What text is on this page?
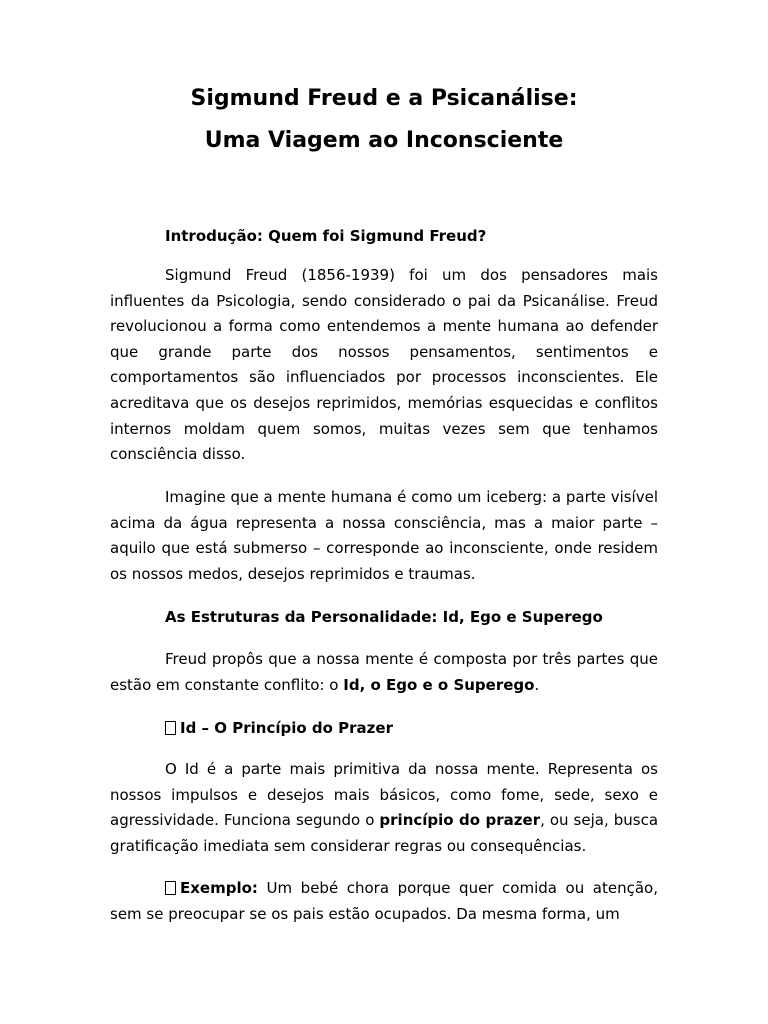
Sigmund Freud e a Psicanálise:
Uma Viagem ao Inconsciente

Introdução: Quem foi Sigmund Freud?

Sigmund Freud (1856-1939) foi um dos pensadores mais influentes da Psicologia, sendo considerado o pai da Psicanálise. Freud revolucionou a forma como entendemos a mente humana ao defender que grande parte dos nossos pensamentos, sentimentos e comportamentos são influenciados por processos inconscientes. Ele acreditava que os desejos reprimidos, memórias esquecidas e conflitos internos moldam quem somos, muitas vezes sem que tenhamos consciência disso.

Imagine que a mente humana é como um iceberg: a parte visível acima da água representa a nossa consciência, mas a maior parte – aquilo que está submerso – corresponde ao inconsciente, onde residem os nossos medos, desejos reprimidos e traumas.

As Estruturas da Personalidade: Id, Ego e Superego

Freud propôs que a nossa mente é composta por três partes que estão em constante conflito: o Id, o Ego e o Superego.

Id – O Princípio do Prazer

O Id é a parte mais primitiva da nossa mente. Representa os nossos impulsos e desejos mais básicos, como fome, sede, sexo e agressividade. Funciona segundo o princípio do prazer, ou seja, busca gratificação imediata sem considerar regras ou consequências.

Exemplo: Um bebé chora porque quer comida ou atenção, sem se preocupar se os pais estão ocupados. Da mesma forma, um
